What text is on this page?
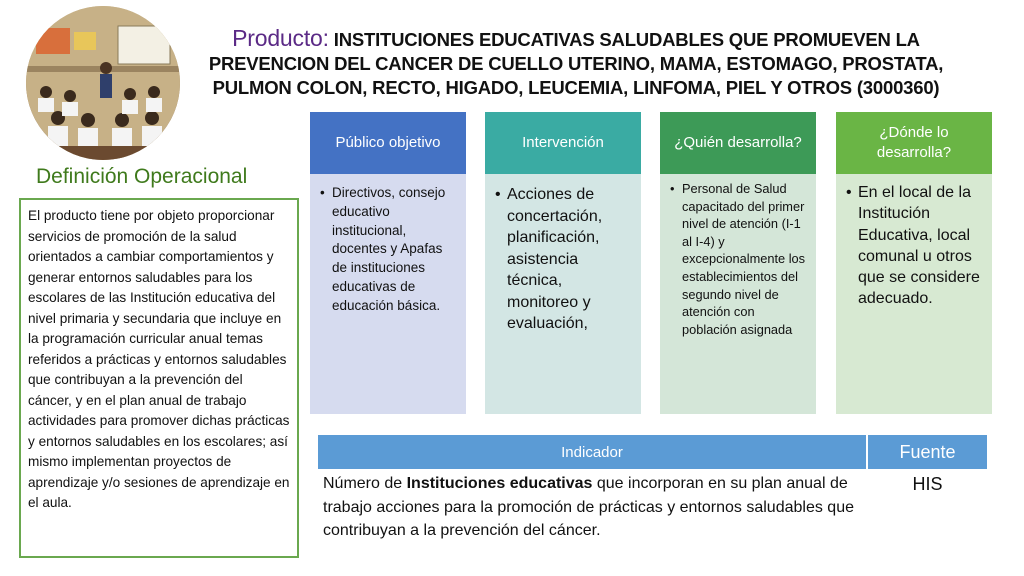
Producto: INSTITUCIONES EDUCATIVAS SALUDABLES QUE PROMUEVEN LA PREVENCION DEL CANCER DE CUELLO UTERINO, MAMA, ESTOMAGO, PROSTATA, PULMON COLON, RECTO, HIGADO, LEUCEMIA, LINFOMA, PIEL Y OTROS (3000360)
Definición Operacional
El producto tiene por objeto proporcionar servicios de promoción de la salud orientados a cambiar comportamientos y generar entornos saludables para los escolares de las Institución educativa del nivel primaria y secundaria que incluye en la programación curricular anual temas referidos a prácticas y entornos saludables que contribuyan a la prevención del cáncer, y en el plan anual de trabajo actividades para promover dichas prácticas y entornos saludables en los escolares; así mismo implementan proyectos de aprendizaje y/o sesiones de aprendizaje en el aula.
Público objetivo
• Directivos, consejo educativo institucional, docentes y Apafas de instituciones educativas de educación básica.
Intervención
• Acciones de concertación, planificación, asistencia técnica, monitoreo y evaluación,
¿Quién desarrolla?
• Personal de Salud capacitado del primer nivel de atención (I-1 al I-4) y excepcionalmente los establecimientos del segundo nivel de atención con población asignada
¿Dónde lo desarrolla?
• En el local de la Institución Educativa, local comunal u otros que se considere adecuado.
Indicador	Fuente
Número de Instituciones educativas que incorporan en su plan anual de trabajo acciones para la promoción de prácticas y entornos saludables que contribuyan a la prevención del cáncer.
HIS
